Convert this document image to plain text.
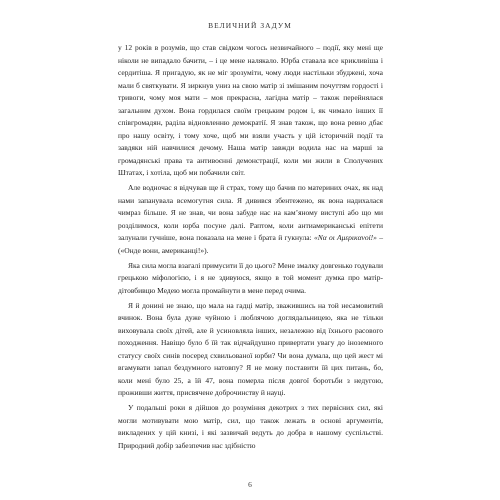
ВЕЛИЧНИЙ ЗАДУМ

у 12 років в розумів, що став свідком чогось незвичайного – події, яку мені ще ніколи не випадало бачити, – і це мене налякало. Юрба ставала все крикливіша і сердитіша. Я пригадую, як не міг зрозуміти, чому люди настільки збуджені, хоча мали б святкувати. Я зиркнув униз на свою матір зі змішаним почуттям гордості і тривоги, чому моя мати – моя прекрасна, лагідна матір – також перейнялася загальним духом. Вона гордилася своїм грецьким родом і, як чимало інших її співгромадян, раділа відновленню демократії. Я знав також, що вона ревно дбає про нашу освіту, і тому хоче, щоб ми взяли участь у цій історичній події та завдяки ній навчилися дечому. Наша матір завжди водила нас на марші за громадянські права та антивоєнні демонстрації, коли ми жили в Сполучених Штатах, і хотіла, щоб ми побачили світ.

Але водночас я відчував ще й страх, тому що бачив по материних очах, як над нами запанувала всемогутня сила. Я дивився збентежено, як вона надихалася чимраз більше. Я не знав, чи вона забуде нас на кам’яному виступі або що ми розділимося, коли юрба посуне далі. Раптом, коли антиамериканські епітети залунали гучніше, вона показала на мене і брата й гукнула: «Να οι Αμερικανοί!» – («Онде вони, американці!»).

Яка сила могла взагалі примусити її до цього? Мене змалку довгенько годували грецькою міфологією, і я не здивуюся, якщо в той момент думка про матір-дітовбивцю Медею могла промайнути в мене перед очима.

Я й донині не знаю, що мала на гадці матір, зважившись на той несамовитий вчинок. Вона була дуже чуйною і люблячою доглядальницею, яка не тільки виховувала своїх дітей, але й усиновляла інших, незалежно від їхнього расового походження. Навіщо було б їй так відчайдушно привертати увагу до іноземного статусу своїх синів посеред схвильованої юрби? Чи вона думала, що цей жест мі вгамувати запал бездумного натовпу? Я не можу поставити їй цих питань, бо, коли мені було 25, а їй 47, вона померла після довгої боротьби з недугою, проживши життя, присвячене доброчинству й науці.

У подальші роки я дійшов до розуміння декотрих з тих первісних сил, які могли мотивувати мою матір, сил, що також лежать в основі аргументів, викладених у цій книзі, і які зазвичай ведуть до добра в нашому суспільстві. Природний добір забезпечив нас здібністю

6
